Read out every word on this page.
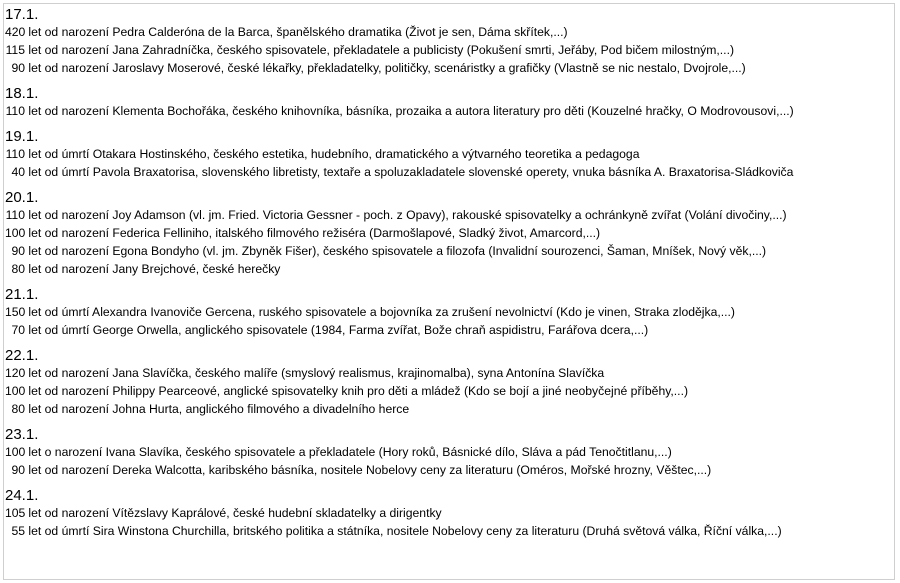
17.1.
420 let od narození Pedra Calderóna de la Barca, španělského dramatika (Život je sen, Dáma skřítek,...)
115 let od narození Jana Zahradníčka, českého spisovatele, překladatele a publicisty (Pokušení smrti, Jeřáby, Pod bičem milostným,...)
90 let od narození Jaroslavy Moserové, české lékařky, překladatelky, političky, scenáristky a grafičky (Vlastně se nic nestalo, Dvojrole,...)
18.1.
110 let od narození Klementa Bochořáka, českého knihovníka, básníka, prozaika a autora literatury pro děti (Kouzelné hračky, O Modrovousovi,...)
19.1.
110 let od úmrtí Otakara Hostinského, českého estetika, hudebního, dramatického a výtvarného teoretika a pedagoga
40 let od úmrtí Pavola Braxatorisa, slovenského libretisty, textaře a spoluzakladatele slovenské operety, vnuka básníka A. Braxatorisa-Sládkoviča
20.1.
110 let od narození Joy Adamson (vl. jm. Fried. Victoria Gessner - poch. z Opavy), rakouské spisovatelky a ochránkyně zvířat (Volání divočiny,...)
100 let od narození Federica Felliniho, italského filmového režiséra (Darmošlapové, Sladký život, Amarcord,...)
90 let od narození Egona Bondyho (vl. jm. Zbyněk Fišer), českého spisovatele a filozofa (Invalidní sourozenci, Šaman, Mníšek, Nový věk,...)
80 let od narození Jany Brejchové, české herečky
21.1.
150 let od úmrtí Alexandra Ivanoviče Gercena, ruského spisovatele a bojovníka za zrušení nevolnictví (Kdo je vinen, Straka zlodějka,...)
70 let od úmrtí George Orwella, anglického spisovatele (1984, Farma zvířat, Bože chraň aspidistru, Farářova dcera,...)
22.1.
120 let od narození Jana Slavíčka, českého malíře (smyslový realismus, krajinomalba), syna Antonína Slavíčka
100 let od narození Philippy Pearceové, anglické spisovatelky knih pro děti a mládež (Kdo se bojí a jiné neobyčejné příběhy,...)
80 let od narození Johna Hurta, anglického filmového a divadelního herce
23.1.
100 let o narození Ivana Slavíka, českého spisovatele a překladatele (Hory roků, Básnické dílo, Sláva a pád Tenočtitlanu,...)
90 let od narození Dereka Walcotta, karibského básníka, nositele Nobelovy ceny za literaturu (Oméros, Mořské hrozny, Věštec,...)
24.1.
105 let od narození Vítězslavy Kaprálové, české hudební skladatelky a dirigentky
55 let od úmrtí Sira Winstona Churchilla, britského politika a státníka, nositele Nobelovy ceny za literaturu (Druhá světová válka, Říční válka,...)
